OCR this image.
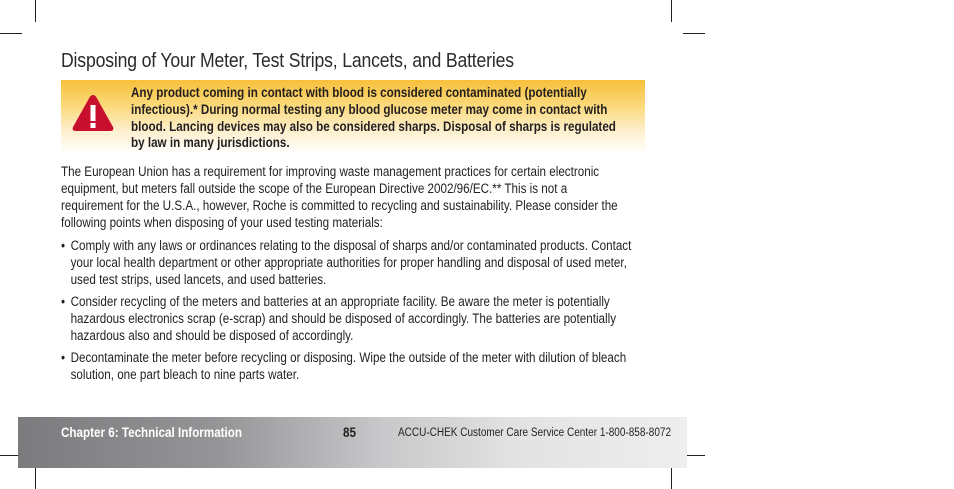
Disposing of Your Meter, Test Strips, Lancets, and Batteries
Any product coming in contact with blood is considered contaminated (potentially
infectious).* During normal testing any blood glucose meter may come in contact with
blood. Lancing devices may also be considered sharps. Disposal of sharps is regulated
by law in many jurisdictions.

The European Union has a requirement for improving waste management practices for certain electronic
equipment, but meters fall outside the scope of the European Directive 2002/96/EC.** This is not a
requirement for the U.S.A., however, Roche is committed to recycling and sustainability. Please consider the
following points when disposing of your used testing materials:

• Comply with any laws or ordinances relating to the disposal of sharps and/or contaminated products. Contact
your local health department or other appropriate authorities for proper handling and disposal of used meter,
used test strips, used lancets, and used batteries.
• Consider recycling of the meters and batteries at an appropriate facility. Be aware the meter is potentially
hazardous electronics scrap (e-scrap) and should be disposed of accordingly. The batteries are potentially
hazardous also and should be disposed of accordingly.
• Decontaminate the meter before recycling or disposing. Wipe the outside of the meter with dilution of bleach
solution, one part bleach to nine parts water.
Chapter 6: Technical Information	85	ACCU-CHEK Customer Care Service Center 1-800-858-8072
